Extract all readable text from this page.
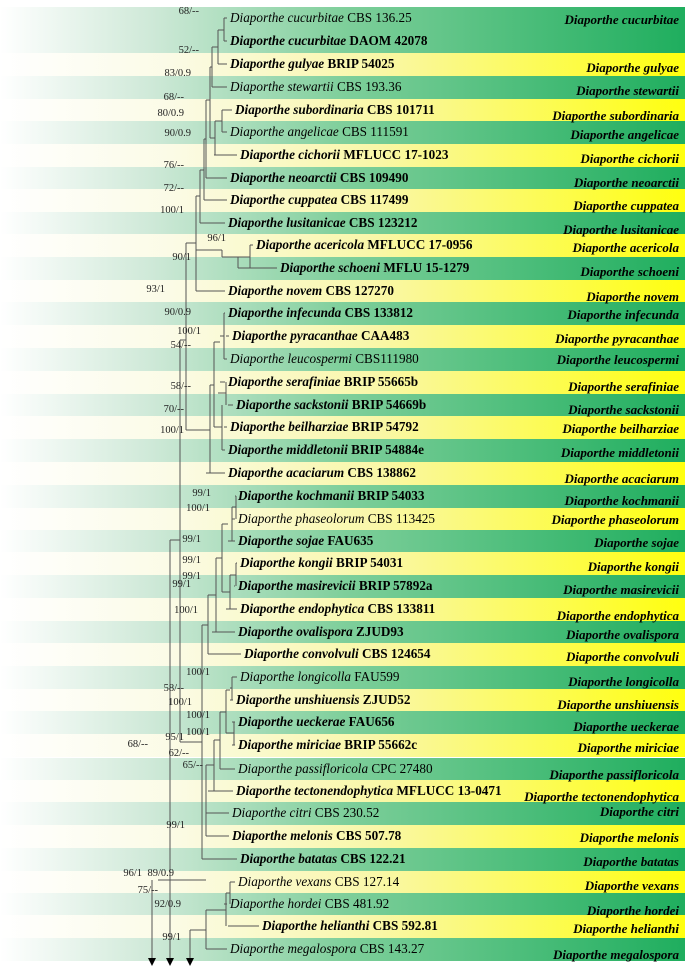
Diaporthe cucurbitae CBS 136.25
Diaporthe cucurbitae DAOM 42078
Diaporthe gulyae BRIP 54025
Diaporthe stewartii CBS 193.36
Diaporthe subordinaria CBS 101711
Diaporthe angelicae CBS 111591
Diaporthe cichorii MFLUCC 17-1023
Diaporthe neoarctii CBS 109490
Diaporthe cuppatea CBS 117499
Diaporthe lusitanicae CBS 123212
Diaporthe acericola MFLUCC 17-0956
Diaporthe schoeni MFLU 15-1279
Diaporthe novem CBS 127270
Diaporthe infecunda CBS 133812
Diaporthe pyracanthae CAA483
Diaporthe leucospermi CBS111980
Diaporthe serafiniae BRIP 55665b
Diaporthe sackstonii BRIP 54669b
Diaporthe beilharziae BRIP 54792
Diaporthe middletonii BRIP 54884e
Diaporthe acaciarum CBS 138862
Diaporthe kochmanii BRIP 54033
Diaporthe phaseolorum CBS 113425
Diaporthe sojae FAU635
Diaporthe kongii BRIP 54031
Diaporthe masirevicii BRIP 57892a
Diaporthe endophytica CBS 133811
Diaporthe ovalispora ZJUD93
Diaporthe convolvuli CBS 124654
Diaporthe longicolla FAU599
Diaporthe unshiuensis ZJUD52
Diaporthe ueckerae FAU656
Diaporthe miriciae BRIP 55662c
Diaporthe passifloricola CPC 27480
Diaporthe tectonendophytica MFLUCC 13-0471
Diaporthe citri CBS 230.52
Diaporthe melonis CBS 507.78
Diaporthe batatas CBS 122.21
Diaporthe vexans CBS 127.14
Diaporthe hordei CBS 481.92
Diaporthe helianthi CBS 592.81
Diaporthe megalospora CBS 143.27
Diaporthe cucurbitae
Diaporthe gulyae
Diaporthe stewartii
Diaporthe subordinaria
Diaporthe angelicae
Diaporthe cichorii
Diaporthe neoarctii
Diaporthe cuppatea
Diaporthe lusitanicae
Diaporthe acericola
Diaporthe schoeni
Diaporthe novem
Diaporthe infecunda
Diaporthe pyracanthae
Diaporthe leucospermi
Diaporthe serafiniae
Diaporthe sackstonii
Diaporthe beilharziae
Diaporthe middletonii
Diaporthe acaciarum
Diaporthe kochmanii
Diaporthe phaseolorum
Diaporthe sojae
Diaporthe kongii
Diaporthe masirevicii
Diaporthe endophytica
Diaporthe ovalispora
Diaporthe convolvuli
Diaporthe longicolla
Diaporthe unshiuensis
Diaporthe ueckerae
Diaporthe miriciae
Diaporthe passifloricola
Diaporthe tectonendophytica
Diaporthe citri
Diaporthe melonis
Diaporthe batatas
Diaporthe vexans
Diaporthe hordei
Diaporthe helianthi
Diaporthe megalospora
68/--
52/--
83/0.9
68/--
80/0.9
90/0.9
76/--
72/--
100/1
96/1
90/1
93/1
90/0.9
100/1
54/--
58/--
70/--
100/1
99/1
100/1
99/1
99/1
99/1
99/1
100/1
68/--
100/1
58/--
100/1
100/1
100/1
95/1
62/--
65/--
99/1
89/0.9
96/1
75/--
92/0.9
99/1
